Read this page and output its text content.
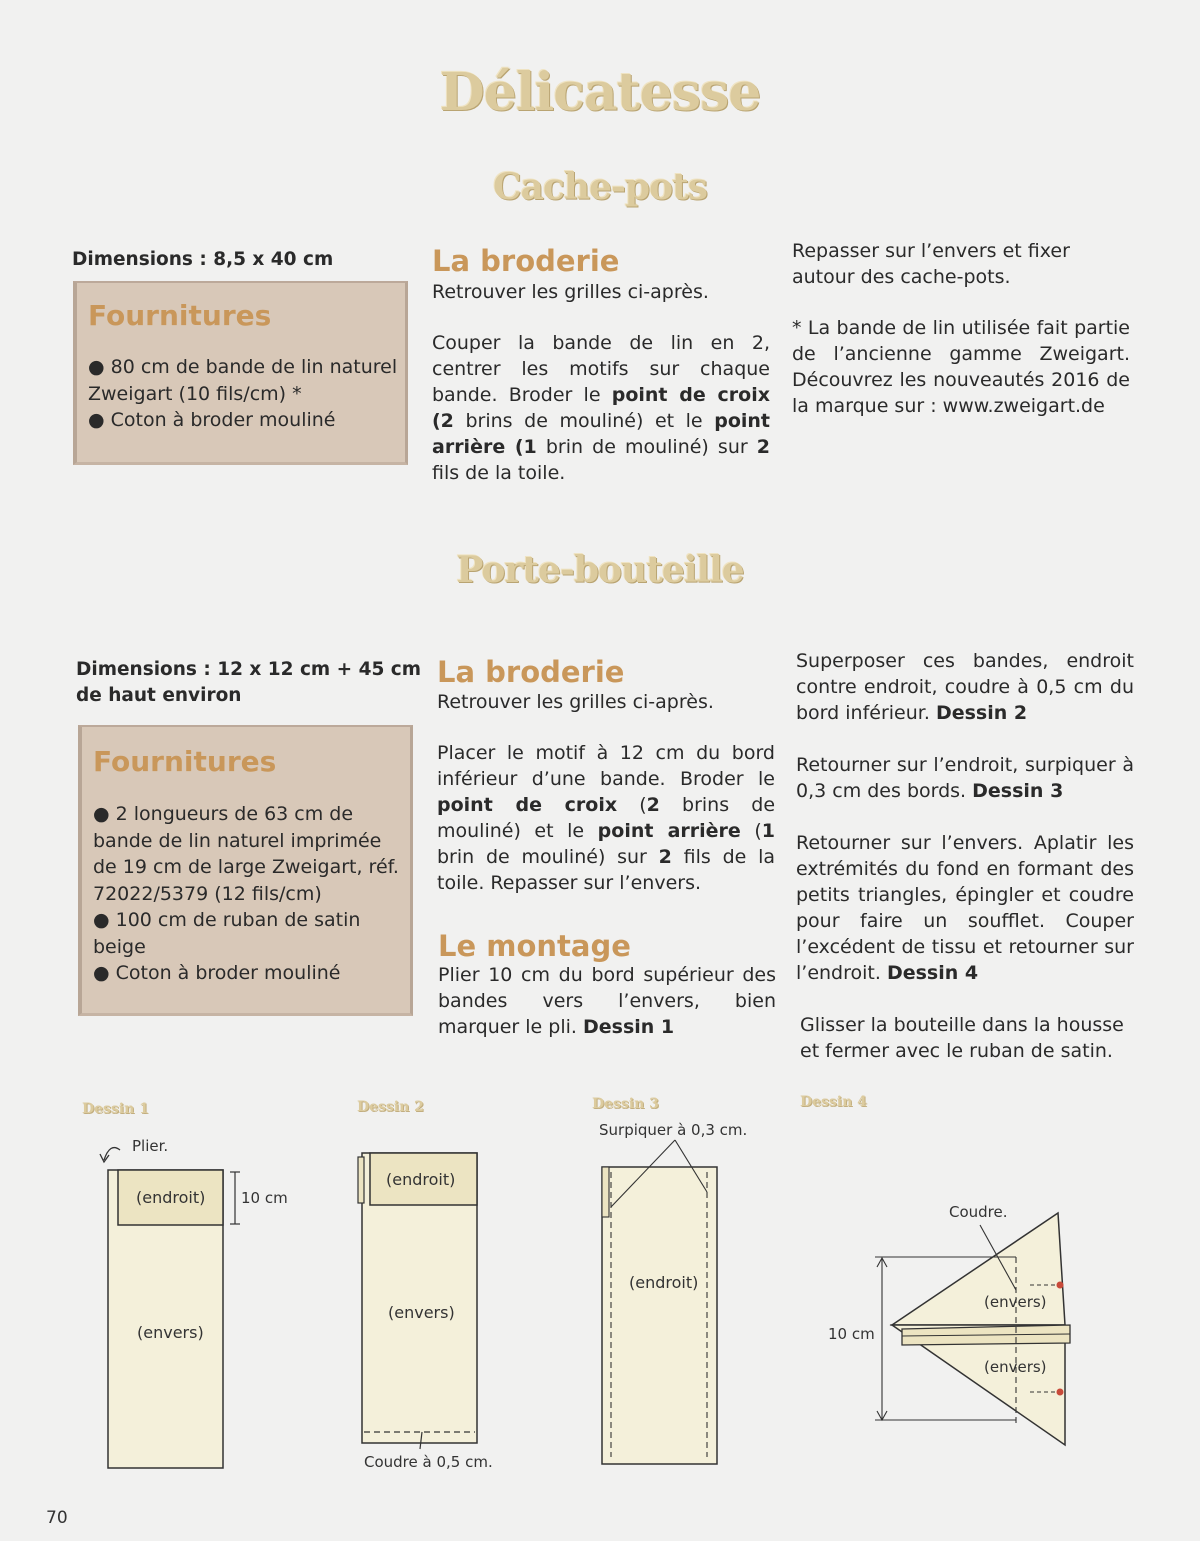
Délicatesse
Cache-pots
Dimensions : 8,5 x 40 cm
Fournitures
● 80 cm de bande de lin naturel Zweigart (10 fils/cm) *
● Coton à broder mouliné
La broderie
Retrouver les grilles ci-après.
Couper la bande de lin en 2, centrer les motifs sur chaque bande. Broder le point de croix (2 brins de mouliné) et le point arrière (1 brin de mouliné) sur 2 fils de la toile.
Repasser sur l’envers et fixer autour des cache-pots.
* La bande de lin utilisée fait partie de l’ancienne gamme Zweigart. Découvrez les nouveautés 2016 de la marque sur : www.zweigart.de
Porte-bouteille
Dimensions : 12 x 12 cm + 45 cm de haut environ
Fournitures
● 2 longueurs de 63 cm de bande de lin naturel imprimée de 19 cm de large Zweigart, réf. 72022/5379 (12 fils/cm)
● 100 cm de ruban de satin beige
● Coton à broder mouliné
La broderie
Retrouver les grilles ci-après.
Placer le motif à 12 cm du bord inférieur d’une bande. Broder le point de croix (2 brins de mouliné) et le point arrière (1 brin de mouliné) sur 2 fils de la toile. Repasser sur l’envers.
Le montage
Plier 10 cm du bord supérieur des bandes vers l’envers, bien marquer le pli. Dessin 1
Superposer ces bandes, endroit contre endroit, coudre à 0,5 cm du bord inférieur. Dessin 2
Retourner sur l’endroit, surpiquer à 0,3 cm des bords. Dessin 3
Retourner sur l’envers. Aplatir les extrémités du fond en formant des petits triangles, épingler et coudre pour faire un soufflet. Couper l’excédent de tissu et retourner sur l’endroit. Dessin 4
Glisser la bouteille dans la housse et fermer avec le ruban de satin.
Dessin 1	Dessin 2	Dessin 3	Dessin 4
Plier.
(endroit) 10 cm
(envers)
(endroit)
(envers)
Coudre à 0,5 cm.
Surpiquer à 0,3 cm.
(endroit)
Coudre.
(envers)
(envers)
10 cm
70
